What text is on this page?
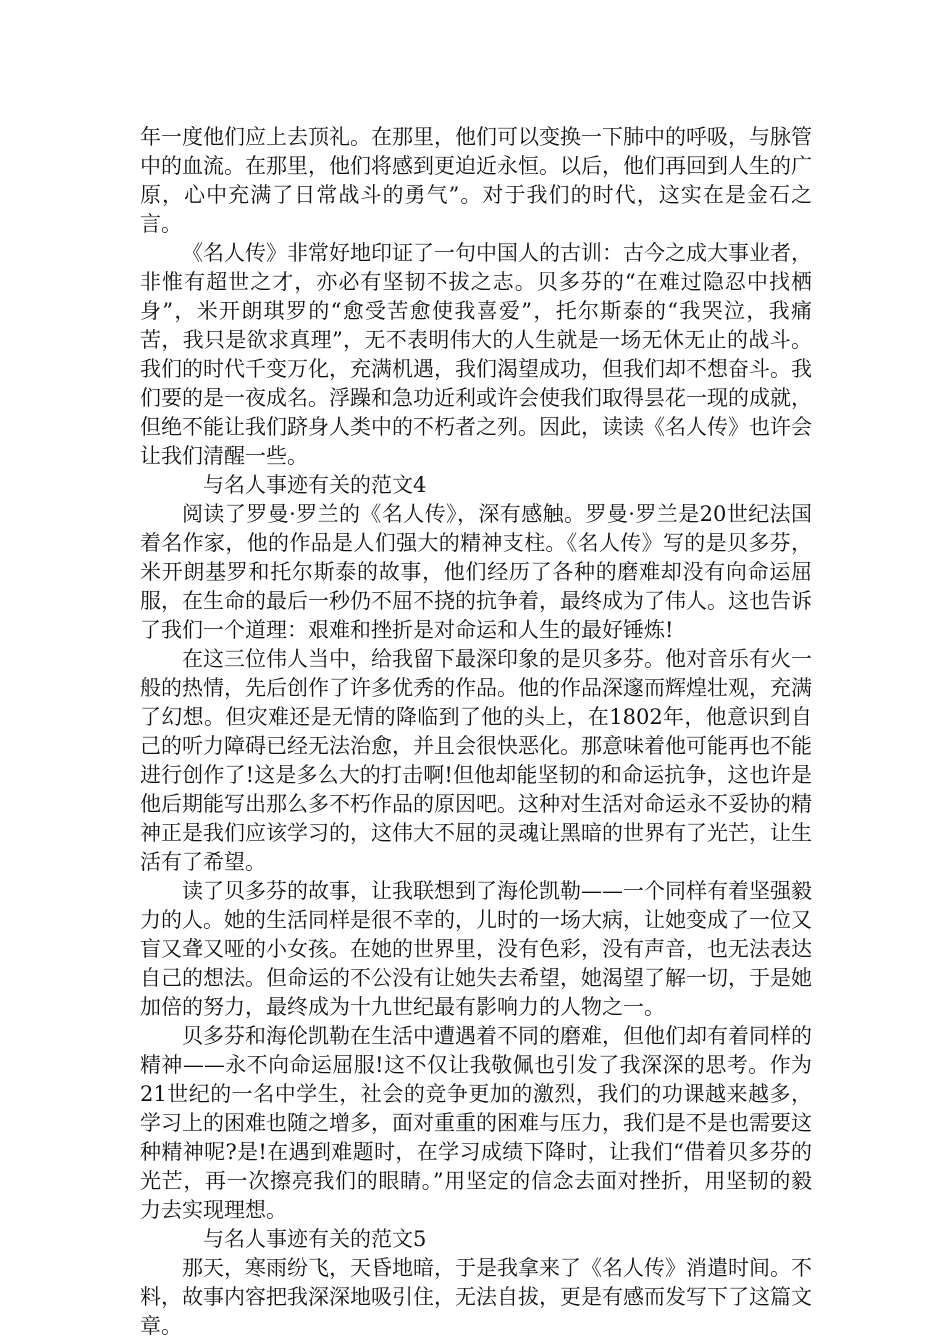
年一度他们应上去顶礼。在那里，他们可以变换一下肺中的呼吸，与脉管中的血流。在那里，他们将感到更迫近永恒。以后，他们再回到人生的广原，心中充满了日常战斗的勇气”。对于我们的时代，这实在是金石之言。

《名人传》非常好地印证了一句中国人的古训：古今之成大事业者，非惟有超世之才，亦必有坚韧不拔之志。贝多芬的“在难过隐忍中找栖身”，米开朗琪罗的“愈受苦愈使我喜爱”，托尔斯泰的“我哭泣，我痛苦，我只是欲求真理”，无不表明伟大的人生就是一场无休无止的战斗。我们的时代千变万化，充满机遇，我们渴望成功，但我们却不想奋斗。我们要的是一夜成名。浮躁和急功近利或许会使我们取得昙花一现的成就，但绝不能让我们跻身人类中的不朽者之列。因此，读读《名人传》也许会让我们清醒一些。

与名人事迹有关的范文4

阅读了罗曼·罗兰的《名人传》，深有感触。罗曼·罗兰是20世纪法国着名作家，他的作品是人们强大的精神支柱。《名人传》写的是贝多芬，米开朗基罗和托尔斯泰的故事，他们经历了各种的磨难却没有向命运屈服，在生命的最后一秒仍不屈不挠的抗争着，最终成为了伟人。这也告诉了我们一个道理：艰难和挫折是对命运和人生的最好锤炼!

在这三位伟人当中，给我留下最深印象的是贝多芬。他对音乐有火一般的热情，先后创作了许多优秀的作品。他的作品深邃而辉煌壮观，充满了幻想。但灾难还是无情的降临到了他的头上，在1802年，他意识到自己的听力障碍已经无法治愈，并且会很快恶化。那意味着他可能再也不能进行创作了!这是多么大的打击啊!但他却能坚韧的和命运抗争，这也许是他后期能写出那么多不朽作品的原因吧。这种对生活对命运永不妥协的精神正是我们应该学习的，这伟大不屈的灵魂让黑暗的世界有了光芒，让生活有了希望。

读了贝多芬的故事，让我联想到了海伦凯勒——一个同样有着坚强毅力的人。她的生活同样是很不幸的，儿时的一场大病，让她变成了一位又盲又聋又哑的小女孩。在她的世界里，没有色彩，没有声音，也无法表达自己的想法。但命运的不公没有让她失去希望，她渴望了解一切，于是她加倍的努力，最终成为十九世纪最有影响力的人物之一。

贝多芬和海伦凯勒在生活中遭遇着不同的磨难，但他们却有着同样的精神——永不向命运屈服!这不仅让我敬佩也引发了我深深的思考。作为21世纪的一名中学生，社会的竞争更加的激烈，我们的功课越来越多，学习上的困难也随之增多，面对重重的困难与压力，我们是不是也需要这种精神呢?是!在遇到难题时，在学习成绩下降时，让我们“借着贝多芬的光芒，再一次擦亮我们的眼睛。”用坚定的信念去面对挫折，用坚韧的毅力去实现理想。

与名人事迹有关的范文5

那天，寒雨纷飞，天昏地暗，于是我拿来了《名人传》消遣时间。不料，故事内容把我深深地吸引住，无法自拔，更是有感而发写下了这篇文章。
